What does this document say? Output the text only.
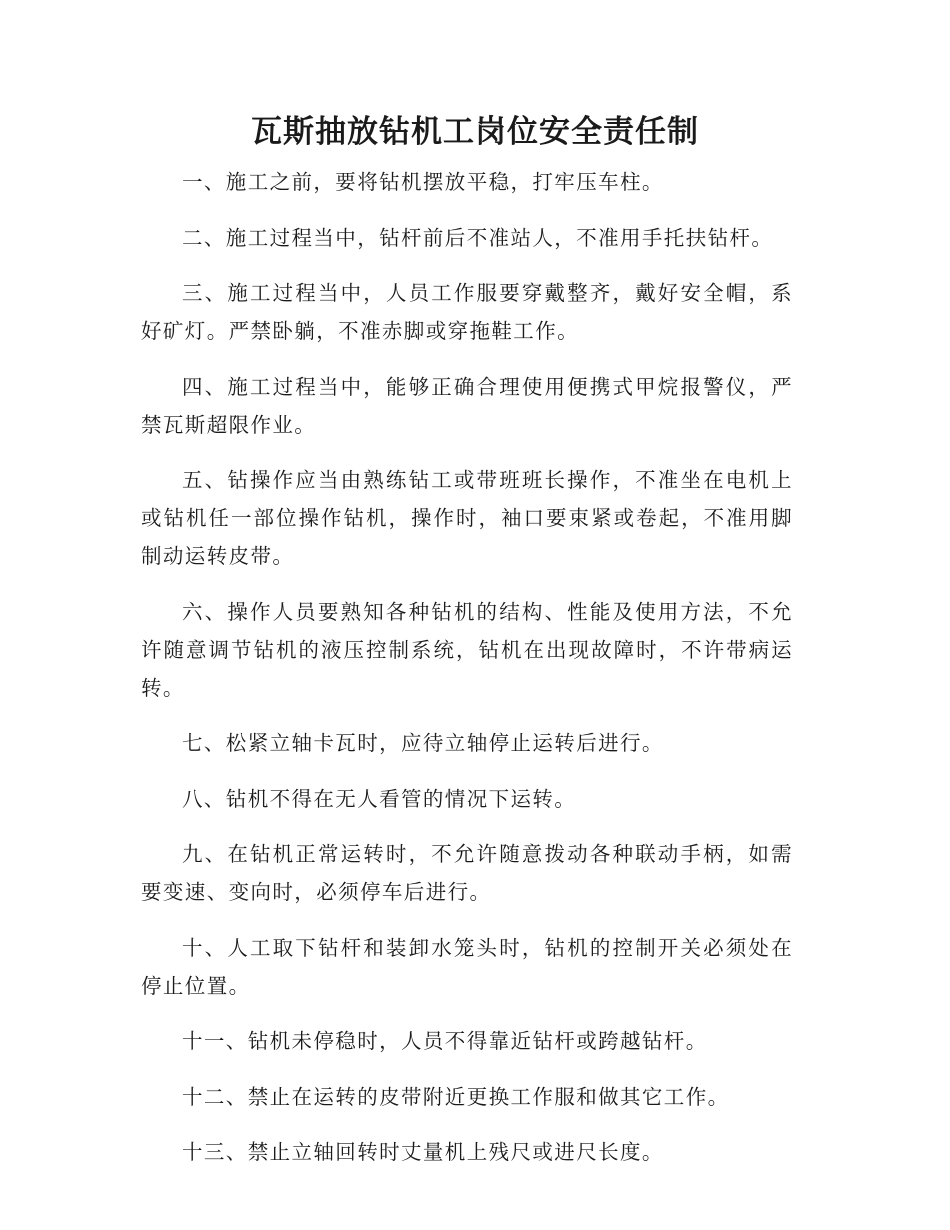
瓦斯抽放钻机工岗位安全责任制

一、施工之前，要将钻机摆放平稳，打牢压车柱。

二、施工过程当中，钻杆前后不准站人，不准用手托扶钻杆。

三、施工过程当中，人员工作服要穿戴整齐，戴好安全帽，系好矿灯。严禁卧躺，不准赤脚或穿拖鞋工作。

四、施工过程当中，能够正确合理使用便携式甲烷报警仪，严禁瓦斯超限作业。

五、钻操作应当由熟练钻工或带班班长操作，不准坐在电机上或钻机任一部位操作钻机，操作时，袖口要束紧或卷起，不准用脚制动运转皮带。

六、操作人员要熟知各种钻机的结构、性能及使用方法，不允许随意调节钻机的液压控制系统，钻机在出现故障时，不许带病运转。

七、松紧立轴卡瓦时，应待立轴停止运转后进行。

八、钻机不得在无人看管的情况下运转。

九、在钻机正常运转时，不允许随意拨动各种联动手柄，如需要变速、变向时，必须停车后进行。

十、人工取下钻杆和装卸水笼头时，钻机的控制开关必须处在停止位置。

十一、钻机未停稳时，人员不得靠近钻杆或跨越钻杆。

十二、禁止在运转的皮带附近更换工作服和做其它工作。

十三、禁止立轴回转时丈量机上残尺或进尺长度。
